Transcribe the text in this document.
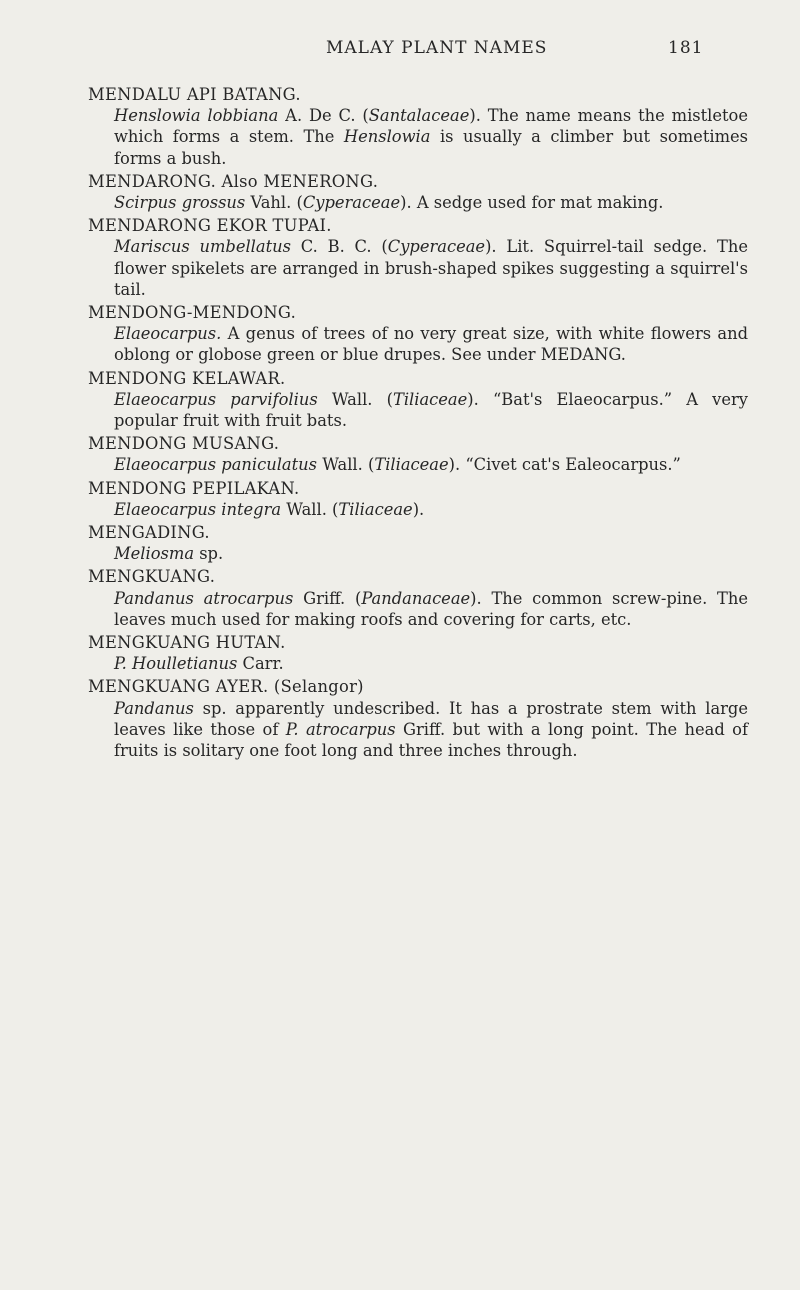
MALAY PLANT NAMES	181
MENDALU API BATANG.
Henslowia lobbiana A. De C. (Santalaceae). The name means the mistletoe which forms a stem. The Henslowia is usually a climber but sometimes forms a bush.
MENDARONG. Also MENERONG.
Scirpus grossus Vahl. (Cyperaceae). A sedge used for mat making.
MENDARONG EKOR TUPAI.
Mariscus umbellatus C. B. C. (Cyperaceae). Lit. Squirrel-tail sedge. The flower spikelets are arranged in brush-shaped spikes suggesting a squirrel's tail.
MENDONG-MENDONG.
Elaeocarpus. A genus of trees of no very great size, with white flowers and oblong or globose green or blue drupes. See under MEDANG.
MENDONG KELAWAR.
Elaeocarpus parvifolius Wall. (Tiliaceae). “Bat's Elaeocarpus.” A very popular fruit with fruit bats.
MENDONG MUSANG.
Elaeocarpus paniculatus Wall. (Tiliaceae). “Civet cat's Ealeocarpus.”
MENDONG PEPILAKAN.
Elaeocarpus integra Wall. (Tiliaceae).
MENGADING.
Meliosma sp.
MENGKUANG.
Pandanus atrocarpus Griff. (Pandanaceae). The common screw-pine. The leaves much used for making roofs and covering for carts, etc.
MENGKUANG HUTAN.
P. Houlletianus Carr.
MENGKUANG AYER. (Selangor)
Pandanus sp. apparently undescribed. It has a prostrate stem with large leaves like those of P. atrocarpus Griff. but with a long point. The head of fruits is solitary one foot long and three inches through.
